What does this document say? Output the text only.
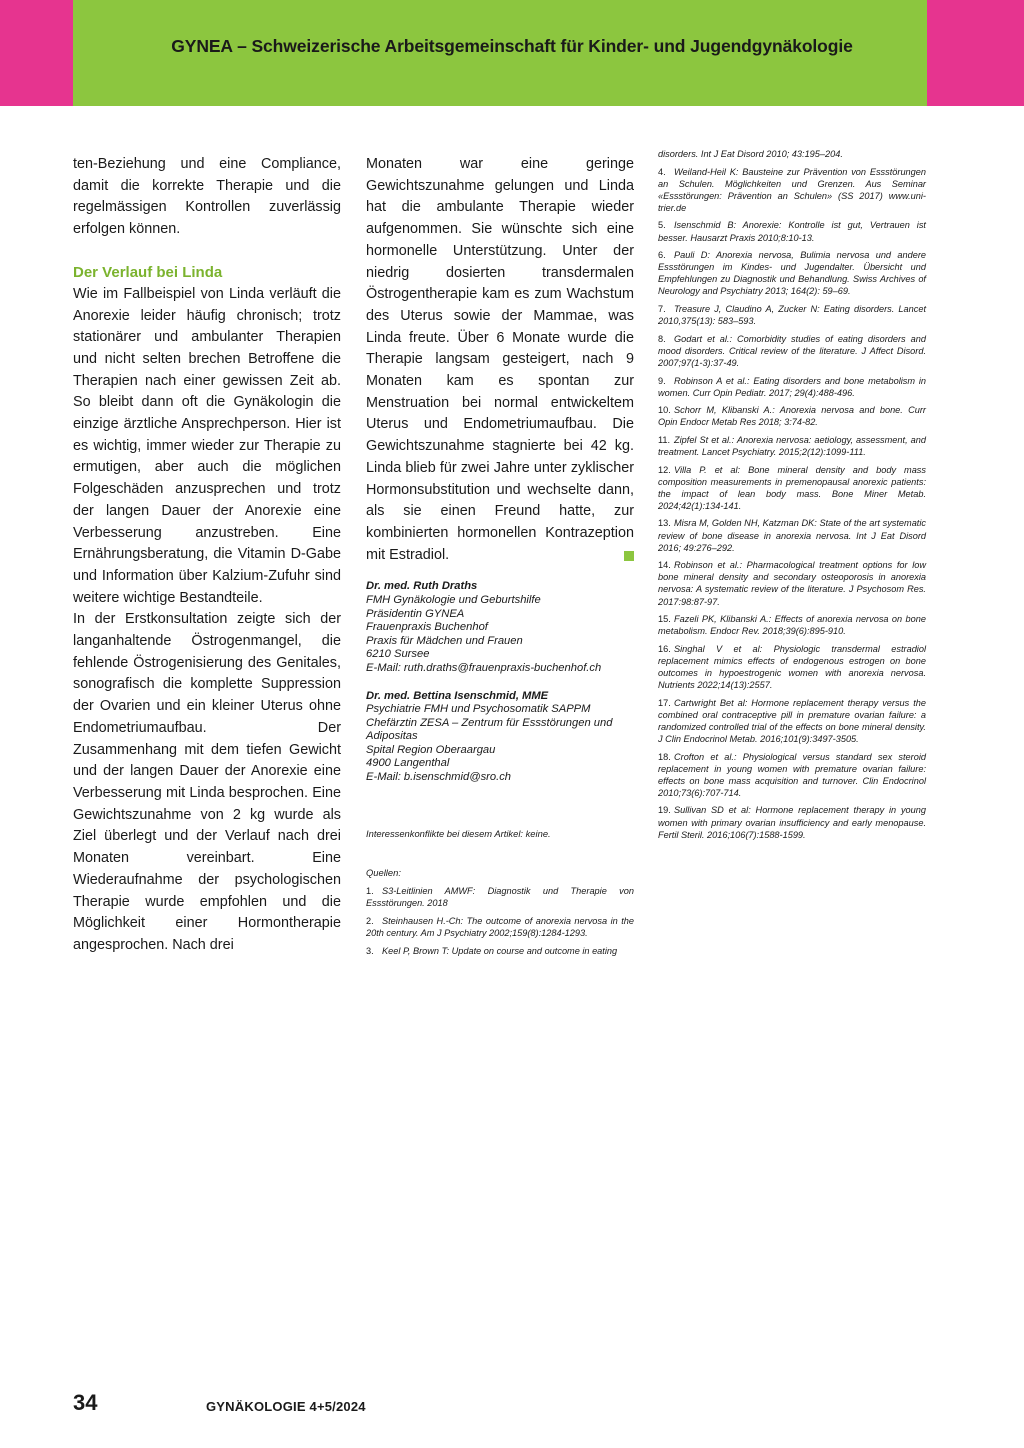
GYNEA – Schweizerische Arbeitsgemeinschaft für Kinder- und Jugendgynäkologie

ten-Beziehung und eine Compliance, damit die korrekte Therapie und die regelmässigen Kontrollen zuverlässig erfolgen können.

Der Verlauf bei Linda

Wie im Fallbeispiel von Linda verläuft die Anorexie leider häufig chronisch; trotz stationärer und ambulanter Therapien und nicht selten brechen Betroffene die Therapien nach einer gewissen Zeit ab. So bleibt dann oft die Gynäkologin die einzige ärztliche Ansprechperson. Hier ist es wichtig, immer wieder zur Therapie zu ermutigen, aber auch die möglichen Folgeschäden anzusprechen und trotz der langen Dauer der Anorexie eine Verbesserung anzustreben. Eine Ernährungsberatung, die Vitamin D-Gabe und Information über Kalzium-Zufuhr sind weitere wichtige Bestandteile.

In der Erstkonsultation zeigte sich der langanhaltende Östrogenmangel, die fehlende Östrogenisierung des Genitales, sonografisch die komplette Suppression der Ovarien und ein kleiner Uterus ohne Endometriumaufbau. Der Zusammenhang mit dem tiefen Gewicht und der langen Dauer der Anorexie eine Verbesserung mit Linda besprochen. Eine Gewichtszunahme von 2 kg wurde als Ziel überlegt und der Verlauf nach drei Monaten vereinbart. Eine Wiederaufnahme der psychologischen Therapie wurde empfohlen und die Möglichkeit einer Hormontherapie angesprochen. Nach drei

Monaten war eine geringe Gewichtszunahme gelungen und Linda hat die ambulante Therapie wieder aufgenommen. Sie wünschte sich eine hormonelle Unterstützung. Unter der niedrig dosierten transdermalen Östrogentherapie kam es zum Wachstum des Uterus sowie der Mammae, was Linda freute. Über 6 Monate wurde die Therapie langsam gesteigert, nach 9 Monaten kam es spontan zur Menstruation bei normal entwickeltem Uterus und Endometriumaufbau. Die Gewichtszunahme stagnierte bei 42 kg. Linda blieb für zwei Jahre unter zyklischer Hormonsubstitution und wechselte dann, als sie einen Freund hatte, zur kombinierten hormonellen Kontrazeption mit Estradiol.

Dr. med. Ruth Draths
FMH Gynäkologie und Geburtshilfe
Präsidentin GYNEA
Frauenpraxis Buchenhof
Praxis für Mädchen und Frauen
6210 Sursee
E-Mail: ruth.draths@frauenpraxis-buchenhof.ch
Dr. med. Bettina Isenschmid, MME
Psychiatrie FMH und Psychosomatik SAPPM
Chefärztin ZESA – Zentrum für Essstörungen und
Adipositas
Spital Region Oberaargau
4900 Langenthal
E-Mail: b.isenschmid@sro.ch
Interessenkonflikte bei diesem Artikel: keine.
Quellen:
1. S3-Leitlinien AMWF: Diagnostik und Therapie von Essstörungen. 2018
2. Steinhausen H.-Ch: The outcome of anorexia nervosa in the 20th century. Am J Psychiatry 2002;159(8):1284-1293.
3. Keel P, Brown T: Update on course and outcome in eating
disorders. Int J Eat Disord 2010; 43:195–204.
4. Weiland-Heil K: Bausteine zur Prävention von Essstörungen an Schulen. Möglichkeiten und Grenzen. Aus Seminar «Essstörungen: Prävention an Schulen» (SS 2017) www.uni-trier.de
5. Isenschmid B: Anorexie: Kontrolle ist gut, Vertrauen ist besser. Hausarzt Praxis 2010;8:10-13.
6. Pauli D: Anorexia nervosa, Bulimia nervosa und andere Essstörungen im Kindes- und Jugendalter. Übersicht und Empfehlungen zu Diagnostik und Behandlung. Swiss Archives of Neurology and Psychiatry 2013; 164(2): 59–69.
7. Treasure J, Claudino A, Zucker N: Eating disorders. Lancet 2010,375(13): 583–593.
8. Godart et al.: Comorbidity studies of eating disorders and mood disorders. Critical review of the literature. J Affect Disord. 2007;97(1-3):37-49.
9. Robinson A et al.: Eating disorders and bone metabolism in women. Curr Opin Pediatr. 2017; 29(4):488-496.
10. Schorr M, Klibanski A.: Anorexia nervosa and bone. Curr Opin Endocr Metab Res 2018; 3:74-82.
11. Zipfel St et al.: Anorexia nervosa: aetiology, assessment, and treatment. Lancet Psychiatry. 2015;2(12):1099-111.
12. Villa P. et al: Bone mineral density and body mass composition measurements in premenopausal anorexic patients: the impact of lean body mass. Bone Miner Metab. 2024;42(1):134-141.
13. Misra M, Golden NH, Katzman DK: State of the art systematic review of bone disease in anorexia nervosa. Int J Eat Disord 2016; 49:276–292.
14. Robinson et al.: Pharmacological treatment options for low bone mineral density and secondary osteoporosis in anorexia nervosa: A systematic review of the literature. J Psychosom Res. 2017:98:87-97.
15. Fazeli PK, Klibanski A.: Effects of anorexia nervosa on bone metabolism. Endocr Rev. 2018;39(6):895-910.
16. Singhal V et al: Physiologic transdermal estradiol replacement mimics effects of endogenous estrogen on bone outcomes in hypoestrogenic women with anorexia nervosa. Nutrients 2022;14(13):2557.
17. Cartwright Bet al: Hormone replacement therapy versus the combined oral contraceptive pill in premature ovarian failure: a randomized controlled trial of the effects on bone mineral density. J Clin Endocrinol Metab. 2016;101(9):3497-3505.
18. Crofton et al.: Physiological versus standard sex steroid replacement in young women with premature ovarian failure: effects on bone mass acquisition and turnover. Clin Endocrinol 2010;73(6):707-714.
19. Sullivan SD et al: Hormone replacement therapy in young women with primary ovarian insufficiency and early menopause. Fertil Steril. 2016;106(7):1588-1599.
34	GYNÄKOLOGIE 4+5/2024
